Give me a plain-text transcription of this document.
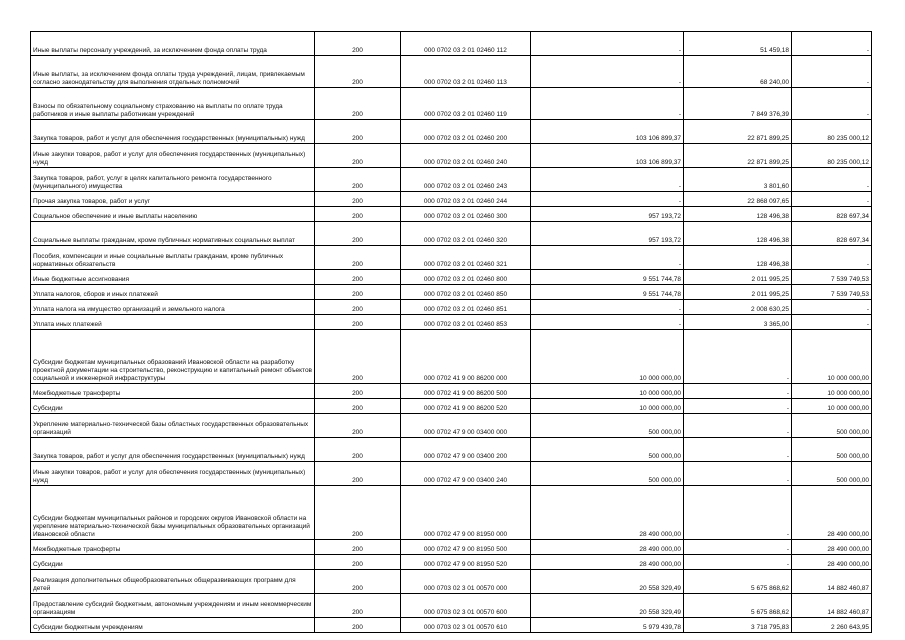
Иные выплаты персоналу учреждений, за исключением фонда оплаты труда	200	000 0702 03 2 01 02460 112	-	51 459,18	-
Иные выплаты, за исключением фонда оплаты труда учреждений, лицам, привлекаемым согласно законодательству для выполнения отдельных полномочий	200	000 0702 03 2 01 02460 113	-	68 240,00	-
Взносы по обязательному социальному страхованию на выплаты по оплате труда работников и иные выплаты работникам учреждений	200	000 0702 03 2 01 02460 119	-	7 849 376,39	-
Закупка товаров, работ и услуг для обеспечения государственных (муниципальных) нужд	200	000 0702 03 2 01 02460 200	103 106 899,37	22 871 899,25	80 235 000,12
Иные закупки товаров, работ и услуг для обеспечения государственных (муниципальных) нужд	200	000 0702 03 2 01 02460 240	103 106 899,37	22 871 899,25	80 235 000,12
Закупка товаров, работ, услуг в целях капитального ремонта государственного (муниципального) имущества	200	000 0702 03 2 01 02460 243	-	3 801,60	-
Прочая закупка товаров, работ и услуг	200	000 0702 03 2 01 02460 244	-	22 868 097,65	-
Социальное обеспечение и иные выплаты населению	200	000 0702 03 2 01 02460 300	957 193,72	128 496,38	828 697,34
Социальные выплаты гражданам, кроме публичных нормативных социальных выплат	200	000 0702 03 2 01 02460 320	957 193,72	128 496,38	828 697,34
Пособия, компенсации и иные социальные выплаты гражданам, кроме публичных нормативных обязательств	200	000 0702 03 2 01 02460 321	-	128 496,38	-
Иные бюджетные ассигнования	200	000 0702 03 2 01 02460 800	9 551 744,78	2 011 995,25	7 539 749,53
Уплата налогов, сборов и иных платежей	200	000 0702 03 2 01 02460 850	9 551 744,78	2 011 995,25	7 539 749,53
Уплата налога на имущество организаций и земельного налога	200	000 0702 03 2 01 02460 851	-	2 008 630,25	-
Уплата иных платежей	200	000 0702 03 2 01 02460 853	-	3 365,00	-
Субсидии бюджетам муниципальных образований Ивановской области на разработку проектной документации на строительство, реконструкцию и капитальный ремонт объектов социальной и инженерной инфраструктуры	200	000 0702 41 9 00 86200 000	10 000 000,00	-	10 000 000,00
Межбюджетные трансферты	200	000 0702 41 9 00 86200 500	10 000 000,00	-	10 000 000,00
Субсидии	200	000 0702 41 9 00 86200 520	10 000 000,00	-	10 000 000,00
Укрепление материально-технической базы областных государственных образовательных организаций	200	000 0702 47 9 00 03400 000	500 000,00	-	500 000,00
Закупка товаров, работ и услуг для обеспечения государственных (муниципальных) нужд	200	000 0702 47 9 00 03400 200	500 000,00	-	500 000,00
Иные закупки товаров, работ и услуг для обеспечения государственных (муниципальных) нужд	200	000 0702 47 9 00 03400 240	500 000,00	-	500 000,00
Субсидии бюджетам муниципальных районов и городских округов Ивановской области на укрепление материально-технической базы муниципальных образовательных организаций Ивановской области	200	000 0702 47 9 00 81950 000	28 490 000,00	-	28 490 000,00
Межбюджетные трансферты	200	000 0702 47 9 00 81950 500	28 490 000,00	-	28 490 000,00
Субсидии	200	000 0702 47 9 00 81950 520	28 490 000,00	-	28 490 000,00
Реализация дополнительных общеобразовательных общеразвивающих программ для детей	200	000 0703 02 3 01 00570 000	20 558 329,49	5 675 868,62	14 882 460,87
Предоставление субсидий бюджетным, автономным учреждениям и иным некоммерческим организациям	200	000 0703 02 3 01 00570 600	20 558 329,49	5 675 868,62	14 882 460,87
Субсидии бюджетным учреждениям	200	000 0703 02 3 01 00570 610	5 979 439,78	3 718 795,83	2 260 643,95
